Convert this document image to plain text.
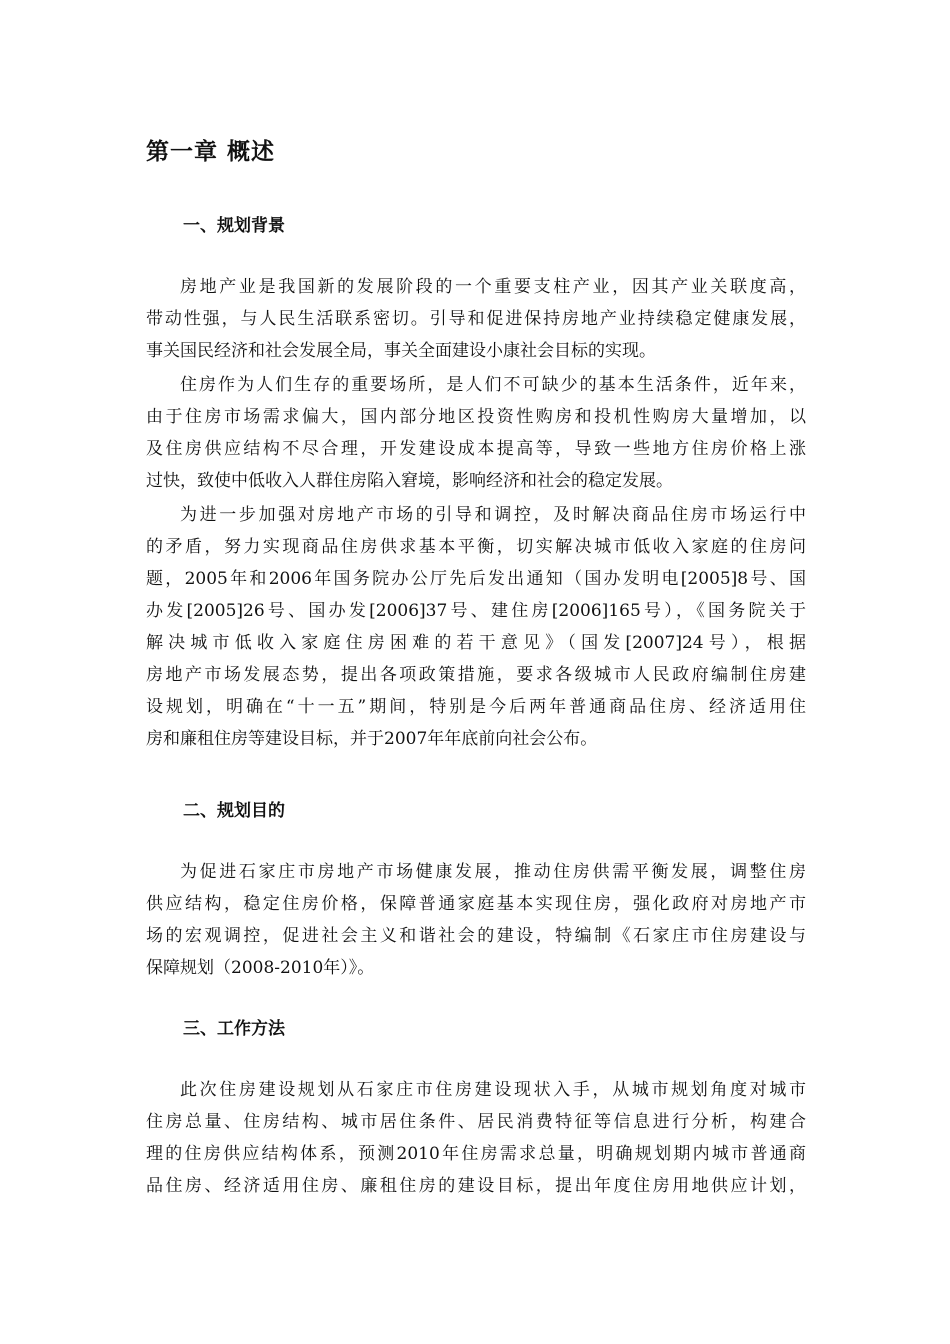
第一章 概述
一、规划背景

房地产业是我国新的发展阶段的一个重要支柱产业，因其产业关联度高，
带动性强，与人民生活联系密切。引导和促进保持房地产业持续稳定健康发展，
事关国民经济和社会发展全局，事关全面建设小康社会目标的实现。

住房作为人们生存的重要场所，是人们不可缺少的基本生活条件，近年来，
由于住房市场需求偏大，国内部分地区投资性购房和投机性购房大量增加，以
及住房供应结构不尽合理，开发建设成本提高等，导致一些地方住房价格上涨
过快，致使中低收入人群住房陷入窘境，影响经济和社会的稳定发展。

为进一步加强对房地产市场的引导和调控，及时解决商品住房市场运行中
的矛盾，努力实现商品住房供求基本平衡，切实解决城市低收入家庭的住房问
题，2005年和2006年国务院办公厅先后发出通知（国办发明电[2005]8号、国
办发[2005]26号、国办发[2006]37号、建住房[2006]165号），《国务院关于
解决城市低收入家庭住房困难的若干意见》（国发[2007]24号），根据
房地产市场发展态势，提出各项政策措施，要求各级城市人民政府编制住房建
设规划，明确在“十一五”期间，特别是今后两年普通商品住房、经济适用住
房和廉租住房等建设目标，并于2007年年底前向社会公布。

二、规划目的

为促进石家庄市房地产市场健康发展，推动住房供需平衡发展，调整住房
供应结构，稳定住房价格，保障普通家庭基本实现住房，强化政府对房地产市
场的宏观调控，促进社会主义和谐社会的建设，特编制《石家庄市住房建设与
保障规划（2008-2010年）》。

三、工作方法

此次住房建设规划从石家庄市住房建设现状入手，从城市规划角度对城市
住房总量、住房结构、城市居住条件、居民消费特征等信息进行分析，构建合
理的住房供应结构体系，预测2010年住房需求总量，明确规划期内城市普通商
品住房、经济适用住房、廉租住房的建设目标，提出年度住房用地供应计划，
